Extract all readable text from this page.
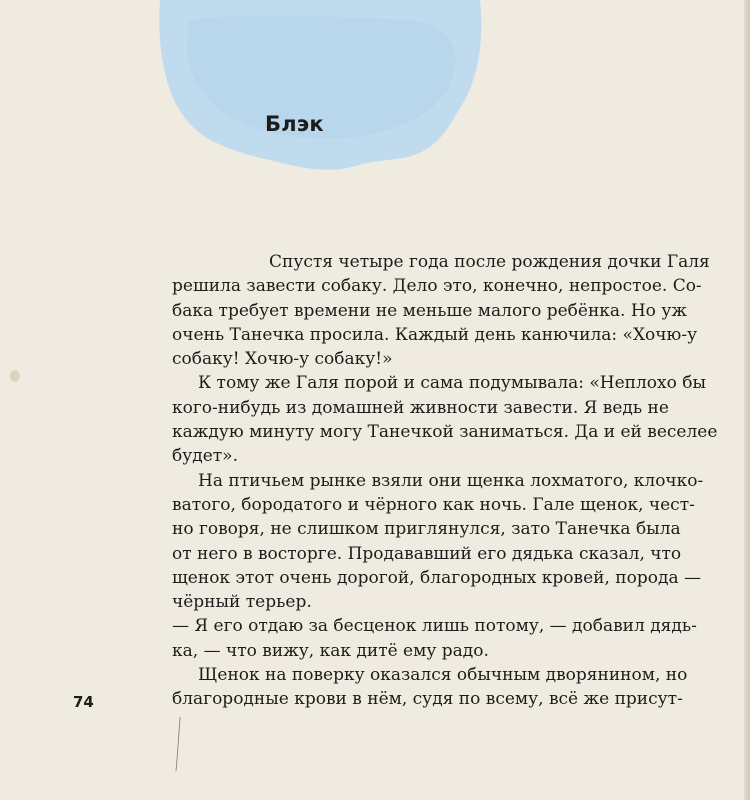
Блэк
Спустя четыре года после рождения дочки Галя
решила завести собаку. Дело это, конечно, непростое. Со-
бака требует времени не меньше малого ребёнка. Но уж
очень Танечка просила. Каждый день канючила: «Хочю-у
собаку! Хочю-у собаку!»
К тому же Галя порой и сама подумывала: «Неплохо бы
кого-нибудь из домашней живности завести. Я ведь не
каждую минуту могу Танечкой заниматься. Да и ей веселее
будет».
На птичьем рынке взяли они щенка лохматого, клочко-
ватого, бородатого и чёрного как ночь. Гале щенок, чест-
но говоря, не слишком приглянулся, зато Танечка была
от него в восторге. Продававший его дядька сказал, что
щенок этот очень дорогой, благородных кровей, порода —
чёрный терьер.
— Я его отдаю за бесценок лишь потому, — добавил дядь-
ка, — что вижу, как дитё ему радо.
Щенок на поверку оказался обычным дворянином, но
благородные крови в нём, судя по всему, всё же присут-
74
